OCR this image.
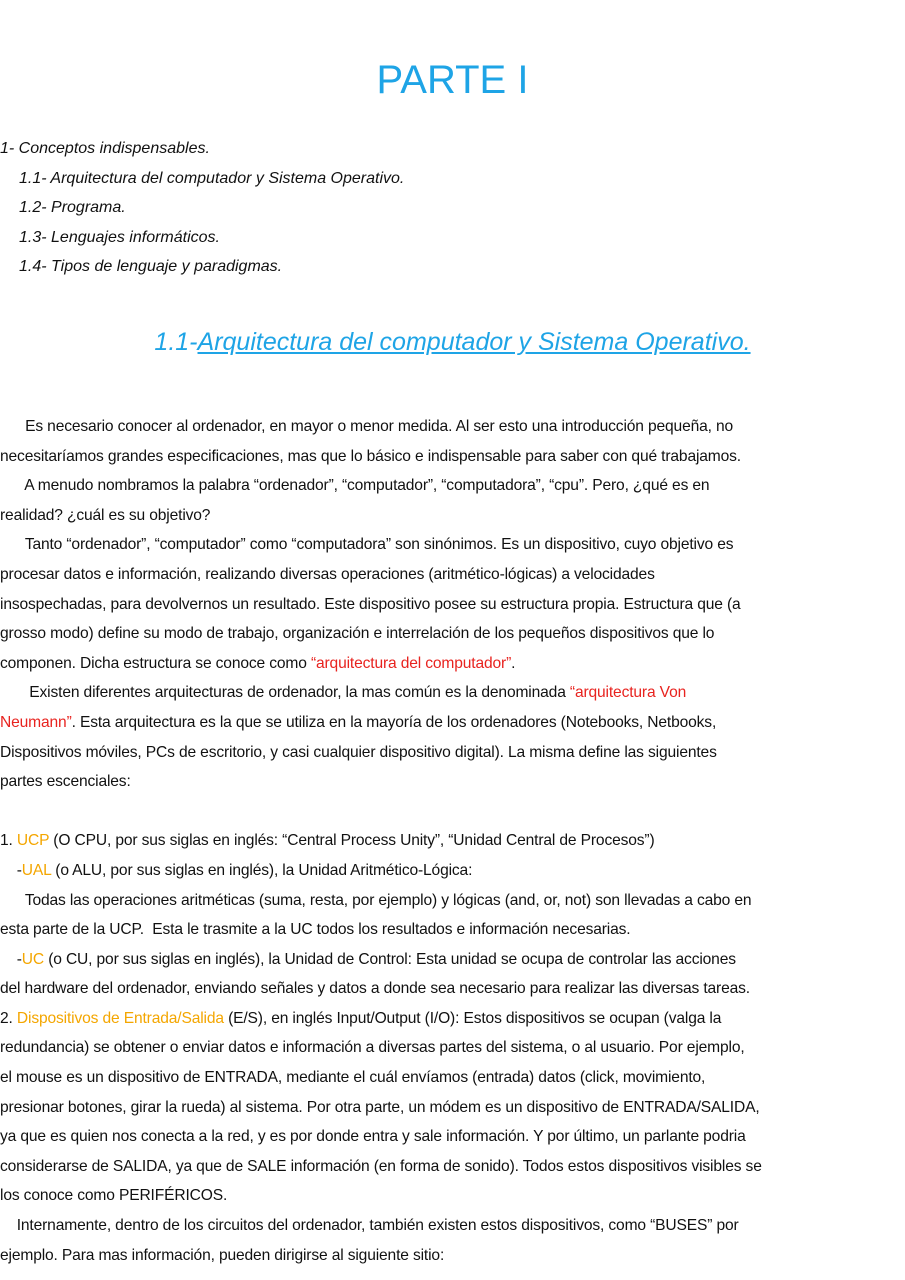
PARTE I
1- Conceptos indispensables.
1.1- Arquitectura del computador y Sistema Operativo.
1.2- Programa.
1.3- Lenguajes informáticos.
1.4- Tipos de lenguaje y paradigmas.
1.1-Arquitectura del computador y Sistema Operativo.
Es necesario conocer al ordenador, en mayor o menor medida. Al ser esto una introducción pequeña, no
necesitaríamos grandes especificaciones, mas que lo básico e indispensable para saber con qué trabajamos.
A menudo nombramos la palabra “ordenador”, “computador”, “computadora”, “cpu”. Pero, ¿qué es en
realidad? ¿cuál es su objetivo?
Tanto “ordenador”, “computador” como “computadora” son sinónimos. Es un dispositivo, cuyo objetivo es
procesar datos e información, realizando diversas operaciones (aritmético-lógicas) a velocidades
insospechadas, para devolvernos un resultado. Este dispositivo posee su estructura propia. Estructura que (a
grosso modo) define su modo de trabajo, organización e interrelación de los pequeños dispositivos que lo
componen. Dicha estructura se conoce como “arquitectura del computador”.
Existen diferentes arquitecturas de ordenador, la mas común es la denominada “arquitectura Von
Neumann”. Esta arquitectura es la que se utiliza en la mayoría de los ordenadores (Notebooks, Netbooks,
Dispositivos móviles, PCs de escritorio, y casi cualquier dispositivo digital). La misma define las siguientes
partes escenciales:
1. UCP (O CPU, por sus siglas en inglés: “Central Process Unity”, “Unidad Central de Procesos”)
-UAL (o ALU, por sus siglas en inglés), la Unidad Aritmético-Lógica:
Todas las operaciones aritméticas (suma, resta, por ejemplo) y lógicas (and, or, not) son llevadas a cabo en
esta parte de la UCP.  Esta le trasmite a la UC todos los resultados e información necesarias.
-UC (o CU, por sus siglas en inglés), la Unidad de Control: Esta unidad se ocupa de controlar las acciones
del hardware del ordenador, enviando señales y datos a donde sea necesario para realizar las diversas tareas.
2. Dispositivos de Entrada/Salida (E/S), en inglés Input/Output (I/O): Estos dispositivos se ocupan (valga la
redundancia) se obtener o enviar datos e información a diversas partes del sistema, o al usuario. Por ejemplo,
el mouse es un dispositivo de ENTRADA, mediante el cuál envíamos (entrada) datos (click, movimiento,
presionar botones, girar la rueda) al sistema. Por otra parte, un módem es un dispositivo de ENTRADA/SALIDA,
ya que es quien nos conecta a la red, y es por donde entra y sale información. Y por último, un parlante podria
considerarse de SALIDA, ya que de SALE información (en forma de sonido). Todos estos dispositivos visibles se
los conoce como PERIFÉRICOS.
Internamente, dentro de los circuitos del ordenador, también existen estos dispositivos, como “BUSES” por
ejemplo. Para mas información, pueden dirigirse al siguiente sitio:
